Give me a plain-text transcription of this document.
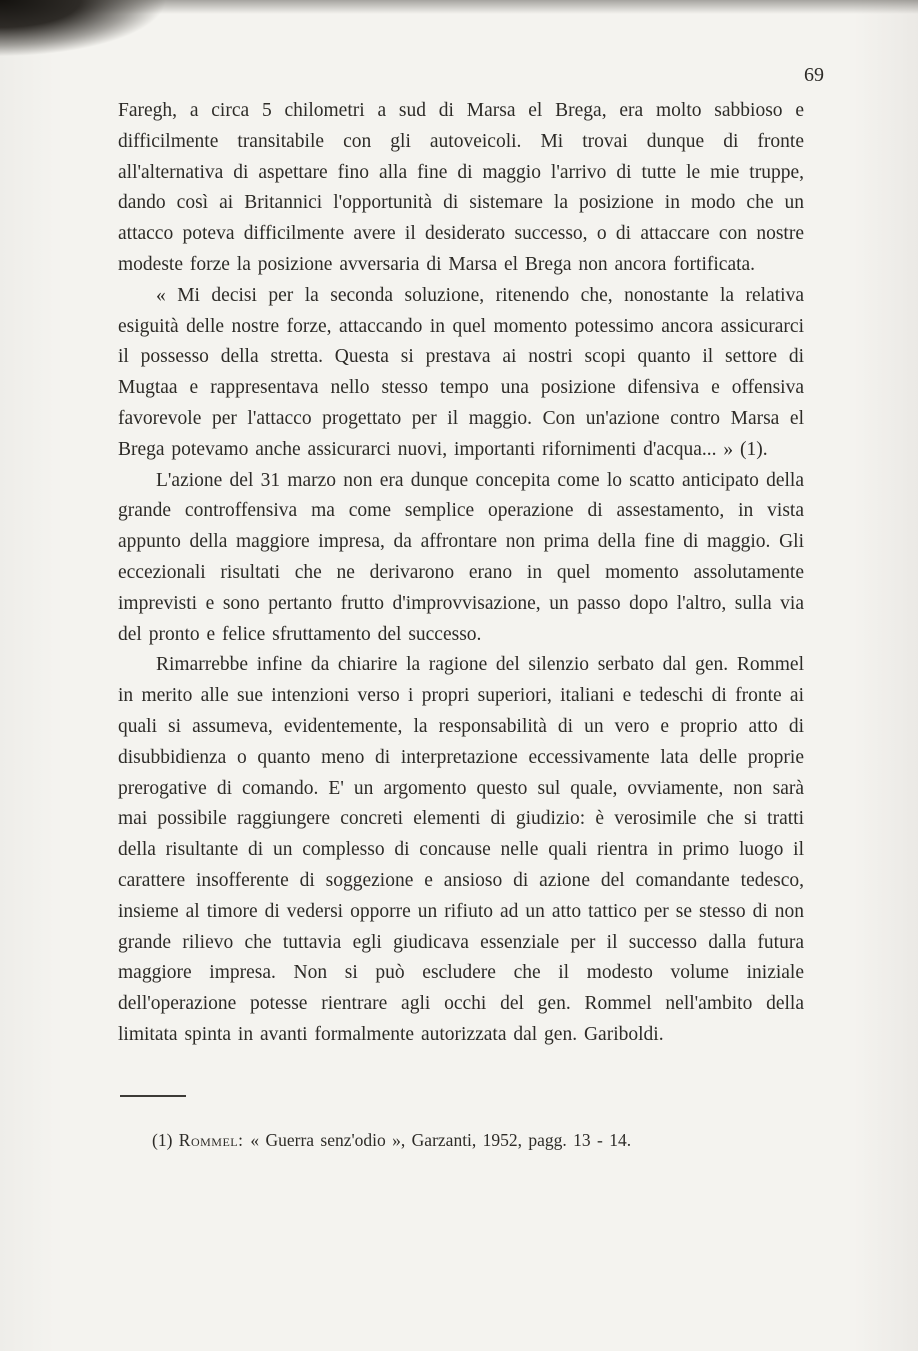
69

Faregh, a circa 5 chilometri a sud di Marsa el Brega, era molto sabbioso e difficilmente transitabile con gli autoveicoli. Mi trovai dunque di fronte all'alternativa di aspettare fino alla fine di maggio l'arrivo di tutte le mie truppe, dando così ai Britannici l'opportunità di sistemare la posizione in modo che un attacco poteva difficilmente avere il desiderato successo, o di attaccare con nostre modeste forze la posizione avversaria di Marsa el Brega non ancora fortificata.

« Mi decisi per la seconda soluzione, ritenendo che, nonostante la relativa esiguità delle nostre forze, attaccando in quel momento potessimo ancora assicurarci il possesso della stretta. Questa si prestava ai nostri scopi quanto il settore di Mugtaa e rappresentava nello stesso tempo una posizione difensiva e offensiva favorevole per l'attacco progettato per il maggio. Con un'azione contro Marsa el Brega potevamo anche assicurarci nuovi, importanti rifornimenti d'acqua... » (1).

L'azione del 31 marzo non era dunque concepita come lo scatto anticipato della grande controffensiva ma come semplice operazione di assestamento, in vista appunto della maggiore impresa, da affrontare non prima della fine di maggio. Gli eccezionali risultati che ne derivarono erano in quel momento assolutamente imprevisti e sono pertanto frutto d'improvvisazione, un passo dopo l'altro, sulla via del pronto e felice sfruttamento del successo.

Rimarrebbe infine da chiarire la ragione del silenzio serbato dal gen. Rommel in merito alle sue intenzioni verso i propri superiori, italiani e tedeschi di fronte ai quali si assumeva, evidentemente, la responsabilità di un vero e proprio atto di disubbidienza o quanto meno di interpretazione eccessivamente lata delle proprie prerogative di comando. E' un argomento questo sul quale, ovviamente, non sarà mai possibile raggiungere concreti elementi di giudizio: è verosimile che si tratti della risultante di un complesso di concause nelle quali rientra in primo luogo il carattere insofferente di soggezione e ansioso di azione del comandante tedesco, insieme al timore di vedersi opporre un rifiuto ad un atto tattico per se stesso di non grande rilievo che tuttavia egli giudicava essenziale per il successo dalla futura maggiore impresa. Non si può escludere che il modesto volume iniziale dell'operazione potesse rientrare agli occhi del gen. Rommel nell'ambito della limitata spinta in avanti formalmente autorizzata dal gen. Gariboldi.

(1) Rommel: « Guerra senz'odio », Garzanti, 1952, pagg. 13 - 14.
